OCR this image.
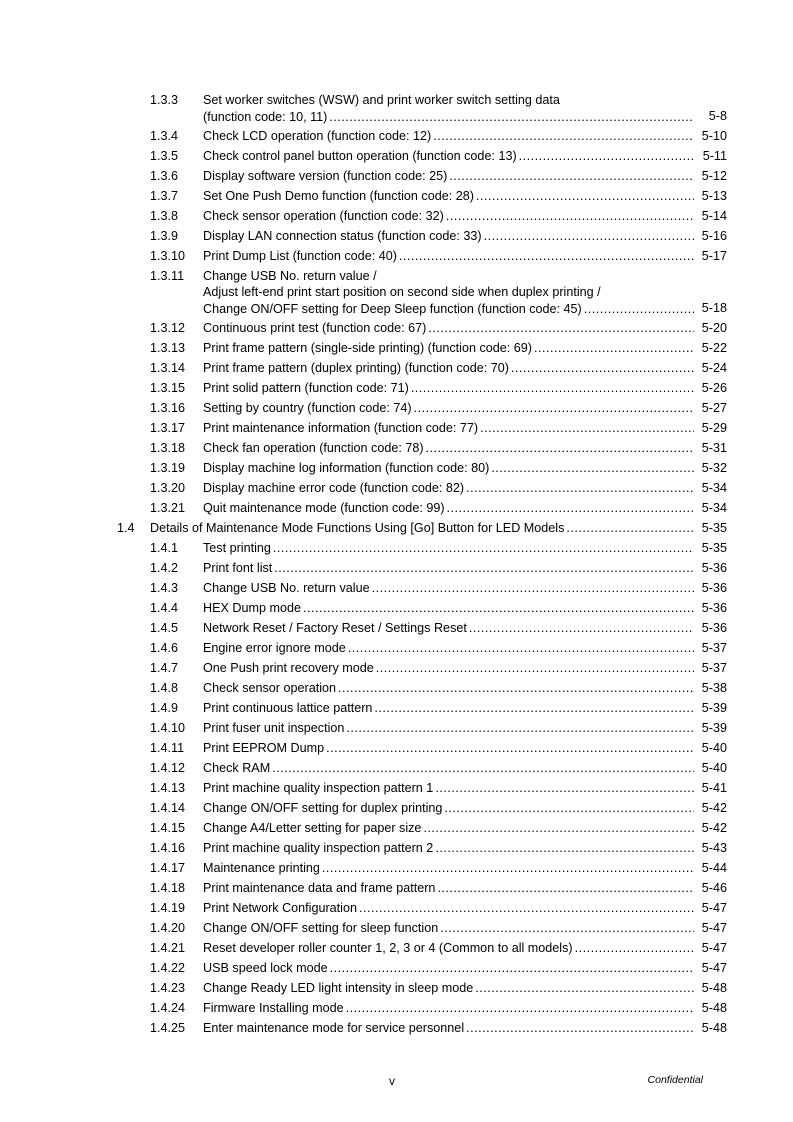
1.3.3 Set worker switches (WSW) and print worker switch setting data
(function code: 10, 11)
.....	5-8
1.3.4 Check LCD operation (function code: 12)
.....	5-10
1.3.5 Check control panel button operation (function code: 13)
.....	5-11
1.3.6 Display software version (function code: 25)
.....	5-12
1.3.7 Set One Push Demo function (function code: 28)
.....	5-13
1.3.8 Check sensor operation (function code: 32)
.....	5-14
1.3.9 Display LAN connection status (function code: 33)
.....	5-16
1.3.10 Print Dump List (function code: 40)
.....	5-17
1.3.11 Change USB No. return value /
Adjust left-end print start position on second side when duplex printing /
Change ON/OFF setting for Deep Sleep function (function code: 45)
.....	5-18
1.3.12 Continuous print test (function code: 67)
.....	5-20
1.3.13 Print frame pattern (single-side printing) (function code: 69)
.....	5-22
1.3.14 Print frame pattern (duplex printing) (function code: 70)
.....	5-24
1.3.15 Print solid pattern (function code: 71)
.....	5-26
1.3.16 Setting by country (function code: 74)
.....	5-27
1.3.17 Print maintenance information (function code: 77)
.....	5-29
1.3.18 Check fan operation (function code: 78)
.....	5-31
1.3.19 Display machine log information (function code: 80)
.....	5-32
1.3.20 Display machine error code (function code: 82)
.....	5-34
1.3.21 Quit maintenance mode (function code: 99)
.....	5-34
1.4 Details of Maintenance Mode Functions Using [Go] Button for LED Models
.....	5-35
1.4.1 Test printing
.....	5-35
1.4.2 Print font list
.....	5-36
1.4.3 Change USB No. return value
.....	5-36
1.4.4 HEX Dump mode
.....	5-36
1.4.5 Network Reset / Factory Reset / Settings Reset
.....	5-36
1.4.6 Engine error ignore mode
.....	5-37
1.4.7 One Push print recovery mode
.....	5-37
1.4.8 Check sensor operation
.....	5-38
1.4.9 Print continuous lattice pattern
.....	5-39
1.4.10 Print fuser unit inspection
.....	5-39
1.4.11 Print EEPROM Dump
.....	5-40
1.4.12 Check RAM
.....	5-40
1.4.13 Print machine quality inspection pattern 1
.....	5-41
1.4.14 Change ON/OFF setting for duplex printing
.....	5-42
1.4.15 Change A4/Letter setting for paper size
.....	5-42
1.4.16 Print machine quality inspection pattern 2
.....	5-43
1.4.17 Maintenance printing
.....	5-44
1.4.18 Print maintenance data and frame pattern
.....	5-46
1.4.19 Print Network Configuration
.....	5-47
1.4.20 Change ON/OFF setting for sleep function
.....	5-47
1.4.21 Reset developer roller counter 1, 2, 3 or 4 (Common to all models)
.....	5-47
1.4.22 USB speed lock mode
.....	5-47
1.4.23 Change Ready LED light intensity in sleep mode
.....	5-48
1.4.24 Firmware Installing mode
.....	5-48
1.4.25 Enter maintenance mode for service personnel
.....	5-48
v	Confidential
